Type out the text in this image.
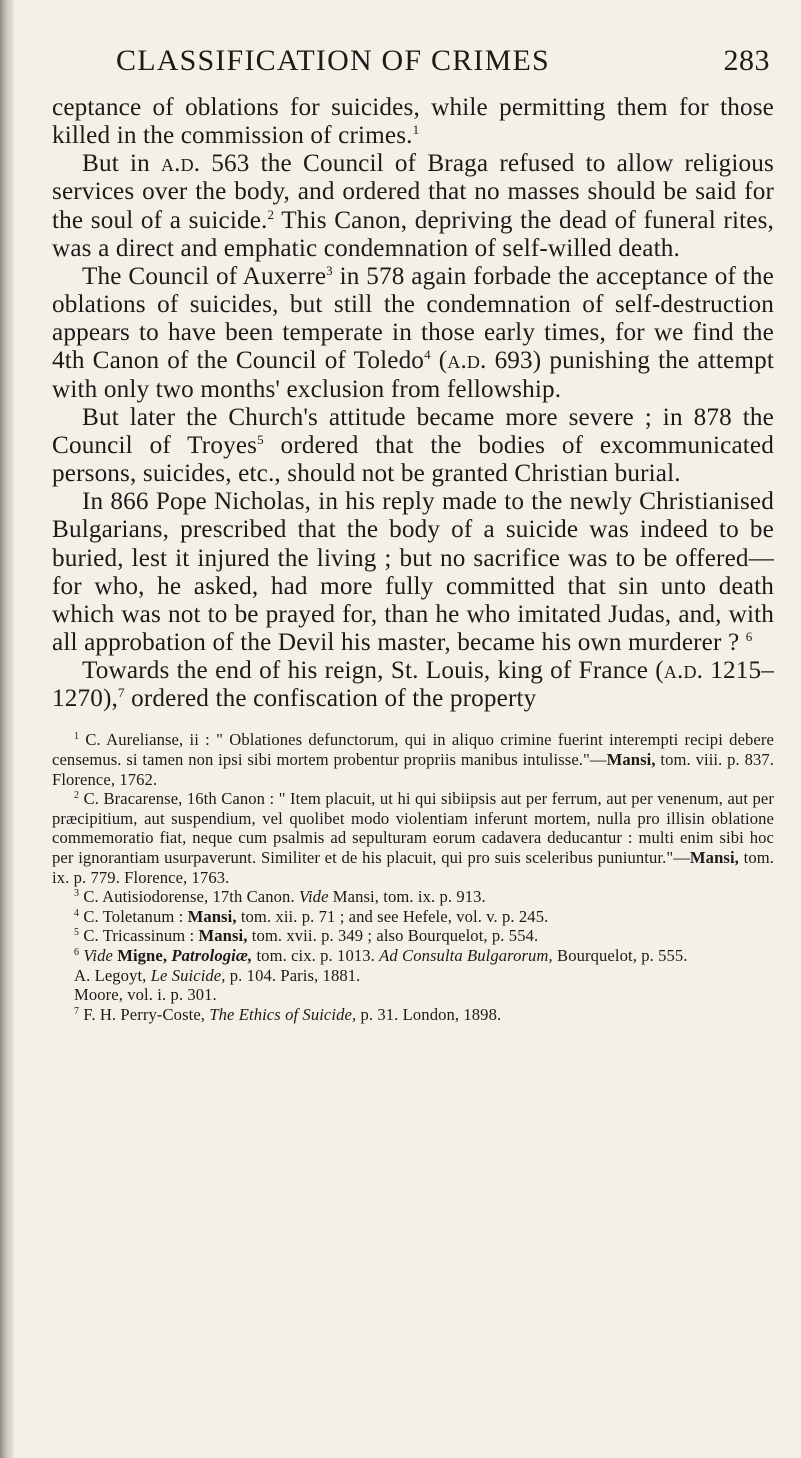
CLASSIFICATION OF CRIMES	283

ceptance of oblations for suicides, while permitting them for those killed in the commission of crimes.$^1$

But in a.d. 563 the Council of Braga refused to allow religious services over the body, and ordered that no masses should be said for the soul of a suicide.$^2$ This Canon, depriving the dead of funeral rites, was a direct and emphatic condemnation of self-willed death.

The Council of Auxerre$^3$ in 578 again forbade the acceptance of the oblations of suicides, but still the condemnation of self-destruction appears to have been temperate in those early times, for we find the 4th Canon of the Council of Toledo$^4$ (a.d. 693) punishing the attempt with only two months' exclusion from fellowship.

But later the Church's attitude became more severe ; in 878 the Council of Troyes$^5$ ordered that the bodies of excommunicated persons, suicides, etc., should not be granted Christian burial.

In 866 Pope Nicholas, in his reply made to the newly Christianised Bulgarians, prescribed that the body of a suicide was indeed to be buried, lest it injured the living ; but no sacrifice was to be offered—for who, he asked, had more fully committed that sin unto death which was not to be prayed for, than he who imitated Judas, and, with all approbation of the Devil his master, became his own murderer ? $^6$

Towards the end of his reign, St. Louis, king of France (a.d. 1215–1270),$^7$ ordered the confiscation of the property

$^1$ C. Aurelianse, ii : " Oblationes defunctorum, qui in aliquo crimine fuerint interempti recipi debere censemus. si tamen non ipsi sibi mortem probentur propriis manibus intulisse."—Mansi, tom. viii. p. 837. Florence, 1762.

$^2$ C. Bracarense, 16th Canon : " Item placuit, ut hi qui sibiipsis aut per ferrum, aut per venenum, aut per præcipitium, aut suspendium, vel quolibet modo violentiam inferunt mortem, nulla pro illisin oblatione commemoratio fiat, neque cum psalmis ad sepulturam eorum cadavera deducantur : multi enim sibi hoc per ignorantiam usurpaverunt. Similiter et de his placuit, qui pro suis sceleribus puniuntur."—Mansi, tom. ix. p. 779. Florence, 1763.

$^3$ C. Autisiodorense, 17th Canon. Vide Mansi, tom. ix. p. 913.

$^4$ C. Toletanum : Mansi, tom. xii. p. 71 ; and see Hefele, vol. v. p. 245.

$^5$ C. Tricassinum : Mansi, tom. xvii. p. 349 ; also Bourquelot, p. 554.

$^6$ Vide Migne, Patrologiæ, tom. cix. p. 1013. Ad Consulta Bulgarorum, Bourquelot, p. 555.

A. Legoyt, Le Suicide, p. 104. Paris, 1881.

Moore, vol. i. p. 301.

$^7$ F. H. Perry-Coste, The Ethics of Suicide, p. 31. London, 1898.
